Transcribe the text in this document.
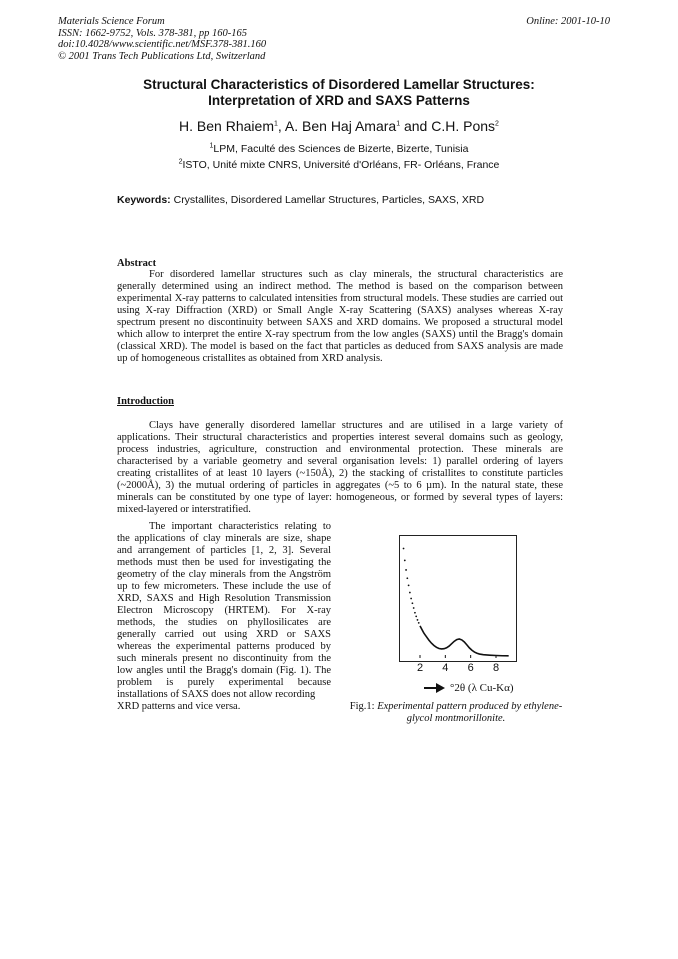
Materials Science Forum
ISSN: 1662-9752, Vols. 378-381, pp 160-165
doi:10.4028/www.scientific.net/MSF.378-381.160
© 2001 Trans Tech Publications Ltd, Switzerland
Online: 2001-10-10
Structural Characteristics of Disordered Lamellar Structures:
Interpretation of XRD and SAXS Patterns
H. Ben Rhaiem$^1$, A. Ben Haj Amara$^1$ and C.H. Pons$^2$
$^1$LPM, Faculté des Sciences de Bizerte, Bizerte, Tunisia
$^2$ISTO, Unité mixte CNRS, Université d'Orléans, FR- Orléans, France
Keywords: Crystallites, Disordered Lamellar Structures, Particles, SAXS, XRD
Abstract

For disordered lamellar structures such as clay minerals, the structural characteristics are generally determined using an indirect method. The method is based on the comparison between experimental X-ray patterns to calculated intensities from structural models. These studies are carried out using X-ray Diffraction (XRD) or Small Angle X-ray Scattering (SAXS) analyses whereas X-ray spectrum present no discontinuity between SAXS and XRD domains. We proposed a structural model which allow to interpret the entire X-ray spectrum from the low angles (SAXS) until the Bragg's domain (classical XRD). The model is based on the fact that particles as deduced from SAXS analysis are made up of homogeneous cristallites as obtained from XRD analysis.

Introduction

Clays have generally disordered lamellar structures and are utilised in a large variety of applications. Their structural characteristics and properties interest several domains such as geology, process industries, agriculture, construction and environmental protection. These minerals are characterised by a variable geometry and several organisation levels: 1) parallel ordering of layers creating cristallites of at least 10 layers (~150Å), 2) the stacking of cristallites to constitute particles (~2000Å), 3) the mutual ordering of particles in aggregates (~5 to 6 µm). In the natural state, these minerals can be constituted by one type of layer: homogeneous, or formed by several types of layers: mixed-layered or interstratified.

The important characteristics relating to the applications of clay minerals are size, shape and arrangement of particles [1, 2, 3]. Several methods must then be used for investigating the geometry of the clay minerals from the Angström up to few micrometers. These include the use of XRD, SAXS and High Resolution Transmission Electron Microscopy (HRTEM). For X-ray methods, the studies on phyllosilicates are generally carried out using XRD or SAXS whereas the experimental patterns produced by such minerals present no discontinuity from the low angles until the Bragg's domain (Fig. 1). The problem is purely experimental because installations of SAXS does not allow recording

XRD patterns and vice versa.

2 4 6 8
°2θ (λ Cu-Kα)
Fig.1: Experimental pattern produced by ethylene-glycol montmorillonite.
